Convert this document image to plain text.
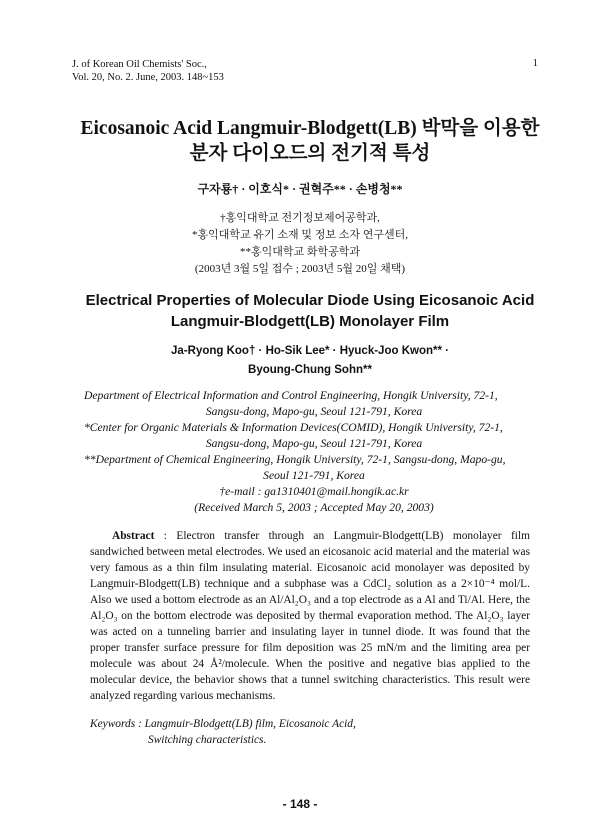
J. of Korean Oil Chemists' Soc.,
Vol. 20, No. 2. June, 2003. 148~153
1
Eicosanoic Acid Langmuir-Blodgett(LB) 박막을 이용한
분자 다이오드의 전기적 특성
구자룡† · 이호식* · 권혁주** · 손병청**
†홍익대학교 전기정보제어공학과,
*홍익대학교 유기 소재 및 정보 소자 연구센터,
**홍익대학교 화학공학과
(2003년 3월 5일 접수 ; 2003년 5월 20일 채택)
Electrical Properties of Molecular Diode Using Eicosanoic Acid
Langmuir-Blodgett(LB) Monolayer Film
Ja-Ryong Koo† · Ho-Sik Lee* · Hyuck-Joo Kwon** ·
Byoung-Chung Sohn**
Department of Electrical Information and Control Engineering, Hongik University, 72-1,
Sangsu-dong, Mapo-gu, Seoul 121-791, Korea
*Center for Organic Materials & Information Devices(COMID), Hongik University, 72-1,
Sangsu-dong, Mapo-gu, Seoul 121-791, Korea
**Department of Chemical Engineering, Hongik University, 72-1, Sangsu-dong, Mapo-gu,
Seoul 121-791, Korea
†e-mail : ga1310401@mail.hongik.ac.kr
(Received March 5, 2003 ; Accepted May 20, 2003)

Abstract : Electron transfer through an Langmuir-Blodgett(LB) monolayer film sandwiched between metal electrodes. We used an eicosanoic acid material and the material was very famous as a thin film insulating material. Eicosanoic acid monolayer was deposited by Langmuir-Blodgett(LB) technique and a subphase was a CdCl₂ solution as a 2×10⁻⁴ mol/L. Also we used a bottom electrode as an Al/Al₂O₃ and a top electrode as a Al and Ti/Al. Here, the Al₂O₃ on the bottom electrode was deposited by thermal evaporation method. The Al₂O₃ layer was acted on a tunneling barrier and insulating layer in tunnel diode. It was found that the proper transfer surface pressure for film deposition was 25 mN/m and the limiting area per molecule was about 24 Å²/molecule. When the positive and negative bias applied to the molecular device, the behavior shows that a tunnel switching characteristics. This result were analyzed regarding various mechanisms.

Keywords : Langmuir-Blodgett(LB) film, Eicosanoic Acid,
Switching characteristics.
- 148 -
